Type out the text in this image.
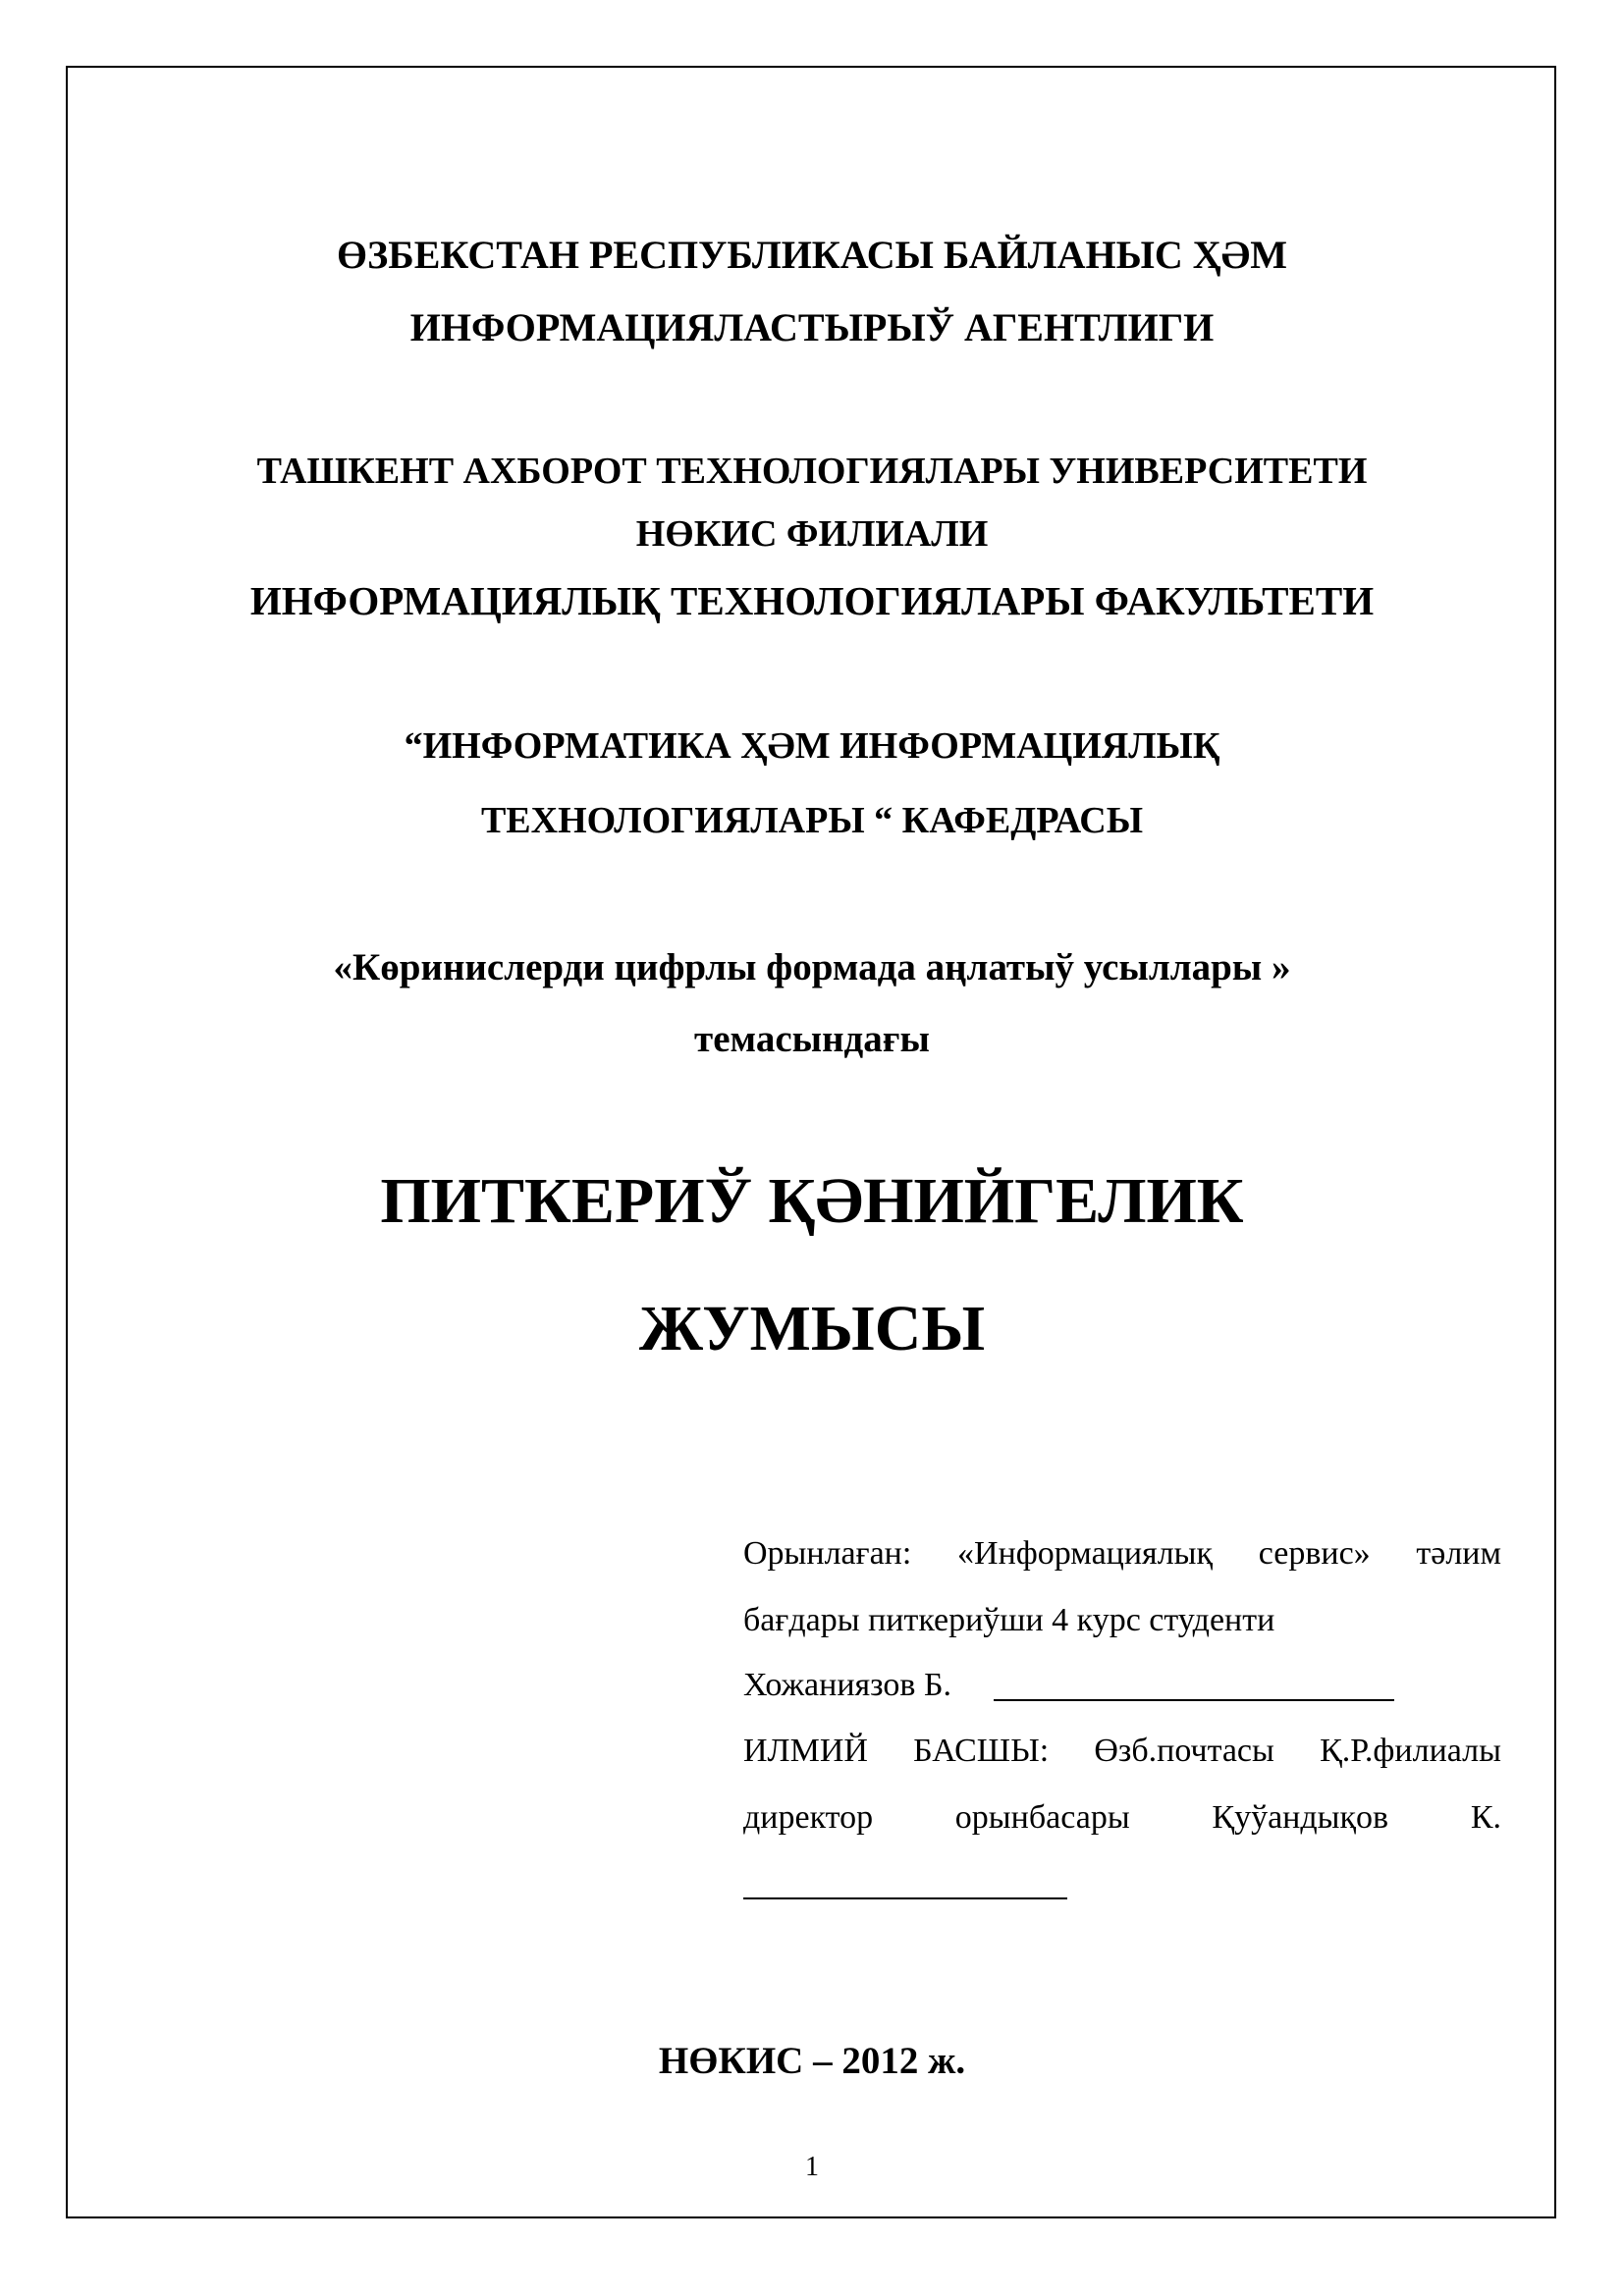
ӨЗБЕКСТАН РЕСПУБЛИКАСЫ БАЙЛАНЫС ҲӘМ
ИНФОРМАЦИЯЛАСТЫРЫЎ АГЕНТЛИГИ
ТАШКЕНТ АХБОРОТ ТЕХНОЛОГИЯЛАРЫ УНИВЕРСИТЕТИ
НӨКИС ФИЛИАЛИ
ИНФОРМАЦИЯЛЫҚ ТЕХНОЛОГИЯЛАРЫ ФАКУЛЬТЕТИ
“ИНФОРМАТИКА ҲӘМ ИНФОРМАЦИЯЛЫҚ
ТЕХНОЛОГИЯЛАРЫ “ КАФЕДРАСЫ
«Көринислерди цифрлы формада аңлатыў усыллары »
темасындағы
ПИТКЕРИЎ ҚӘНИЙГЕЛИК
ЖУМЫСЫ
Орынлаған: «Информациялық сервис» тәлим
бағдары питкериўши 4 курс студенти
Хожаниязов Б.
ИЛМИЙ БАСШЫ: Өзб.почтасы Қ.Р.филиалы
директор орынбасары Қуўандықов К.
НӨКИС – 2012 ж.
1
